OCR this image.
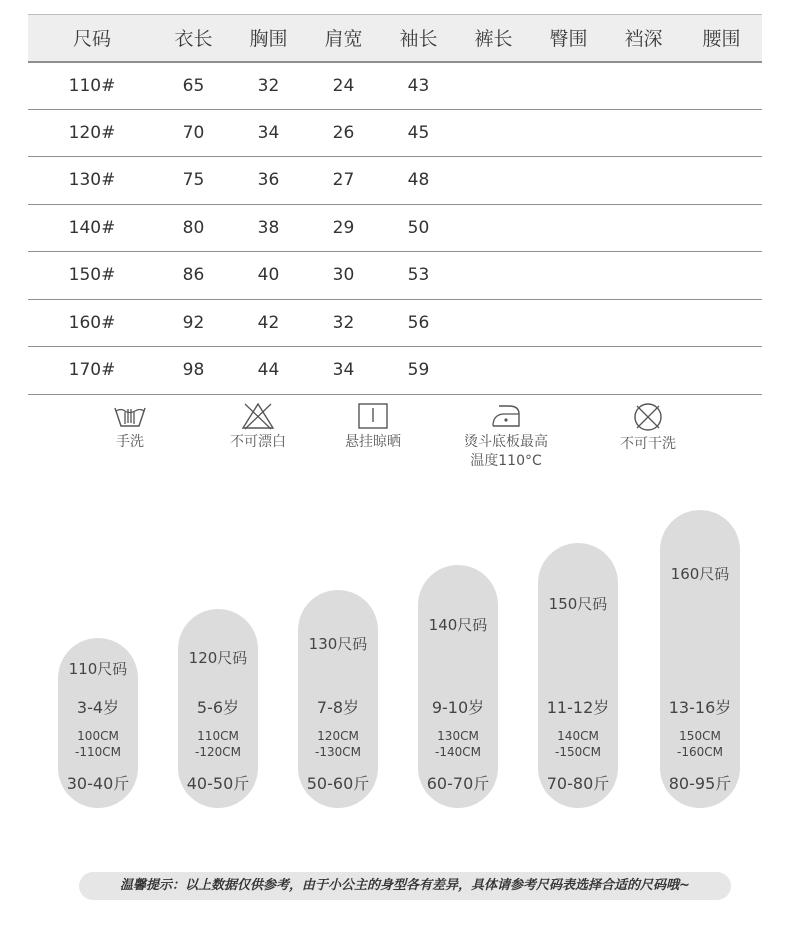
尺码	衣长	胸围	肩宽	袖长	裤长	臀围	裆深	腰围
110#	65	32	24	43				
120#	70	34	26	45				
130#	75	36	27	48				
140#	80	38	29	50				
150#	86	40	30	53				
160#	92	42	32	56				
170#	98	44	34	59				
手洗	不可漂白	悬挂晾晒	烫斗底板最高
温度110°C
不可干洗
110尺码
3-4岁
100CM
-110CM
30-40斤
120尺码
5-6岁
110CM
-120CM
40-50斤
130尺码
7-8岁
120CM
-130CM
50-60斤
140尺码
9-10岁
130CM
-140CM
60-70斤
150尺码
11-12岁
140CM
-150CM
70-80斤
160尺码
13-16岁
150CM
-160CM
80-95斤
温馨提示：以上数据仅供参考，由于小公主的身型各有差异，具体请参考尺码表选择合适的尺码哦~
